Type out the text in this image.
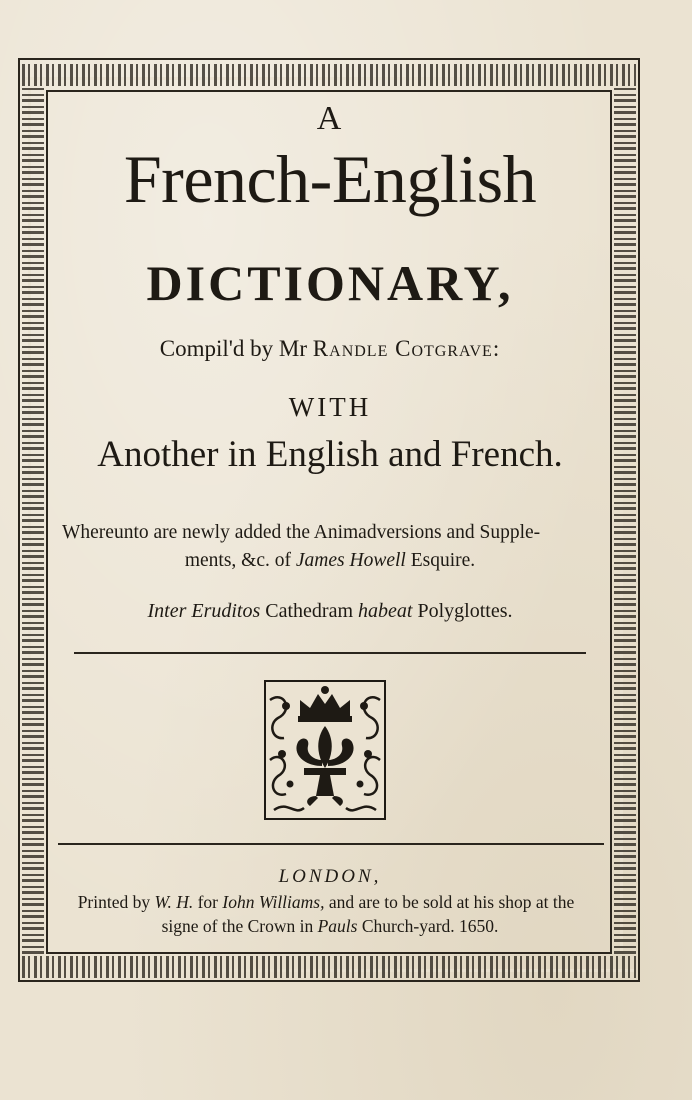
A
French-English
DICTIONARY,
Compil'd by Mr Randle Cotgrave:
WITH
Another in English and French.
Whereunto are newly added the Animadversions and Supple-
ments, &c. of James Howell Esquire.
Inter Eruditos Cathedram habeat Polyglottes.
LONDON,
Printed by W. H. for Iohn Williams, and are to be sold at his shop at the
signe of the Crown in Pauls Church-yard. 1650.
